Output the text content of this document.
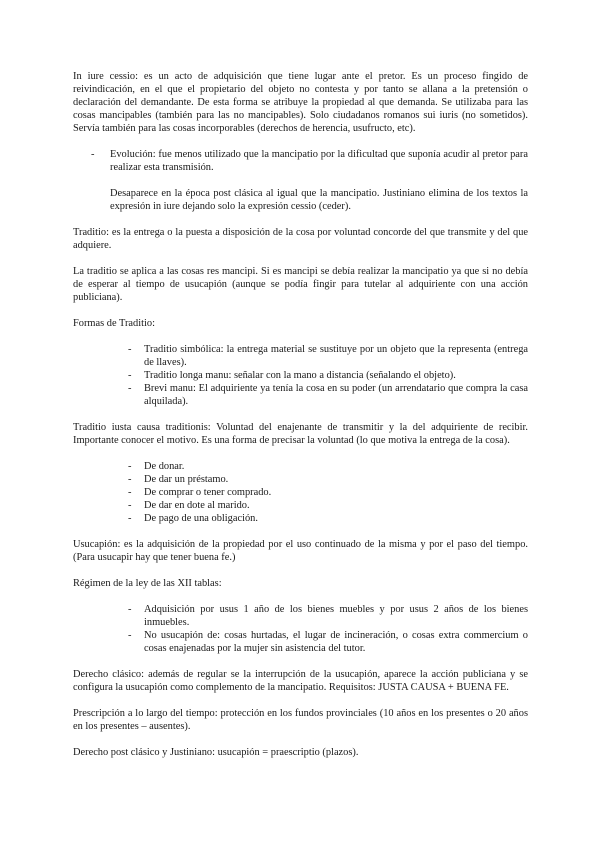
In iure cessio: es un acto de adquisición que tiene lugar ante el pretor. Es un proceso fingido de reivindicación, en el que el propietario del objeto no contesta y por tanto se allana a la pretensión o declaración del demandante. De esta forma se atribuye la propiedad al que demanda. Se utilizaba para las cosas mancipables (también para las no mancipables). Solo ciudadanos romanos sui iuris (no sometidos). Servía también para las cosas incorporables (derechos de herencia, usufructo, etc).

- Evolución: fue menos utilizado que la mancipatio por la dificultad que suponía acudir al pretor para realizar esta transmisión.

Desaparece en la época post clásica al igual que la mancipatio. Justiniano elimina de los textos la expresión in iure dejando solo la expresión cessio (ceder).

Traditio: es la entrega o la puesta a disposición de la cosa por voluntad concorde del que transmite y del que adquiere.

La traditio se aplica a las cosas res mancipi. Si es mancipi se debía realizar la mancipatio ya que si no debía de esperar al tiempo de usucapión (aunque se podía fingir para tutelar al adquiriente con una acción publiciana).

Formas de Traditio:

- Traditio simbólica: la entrega material se sustituye por un objeto que la representa (entrega de llaves).
- Traditio longa manu: señalar con la mano a distancia (señalando el objeto).
- Brevi manu: El adquiriente ya tenía la cosa en su poder (un arrendatario que compra la casa alquilada).

Traditio iusta causa traditionis: Voluntad del enajenante de transmitir y la del adquiriente de recibir. Importante conocer el motivo. Es una forma de precisar la voluntad (lo que motiva la entrega de la cosa).

- De donar.
- De dar un préstamo.
- De comprar o tener comprado.
- De dar en dote al marido.
- De pago de una obligación.

Usucapión: es la adquisición de la propiedad por el uso continuado de la misma y por el paso del tiempo. (Para usucapir hay que tener buena fe.)

Régimen de la ley de las XII tablas:

- Adquisición por usus 1 año de los bienes muebles y por usus 2 años de los bienes inmuebles.
- No usucapión de: cosas hurtadas, el lugar de incineración, o cosas extra commercium o cosas enajenadas por la mujer sin asistencia del tutor.

Derecho clásico: además de regular se la interrupción de la usucapión, aparece la acción publiciana y se configura la usucapión como complemento de la mancipatio. Requisitos: JUSTA CAUSA + BUENA FE.

Prescripción a lo largo del tiempo: protección en los fundos provinciales (10 años en los presentes o 20 años en los presentes – ausentes).

Derecho post clásico y Justiniano: usucapión = praescriptio (plazos).
